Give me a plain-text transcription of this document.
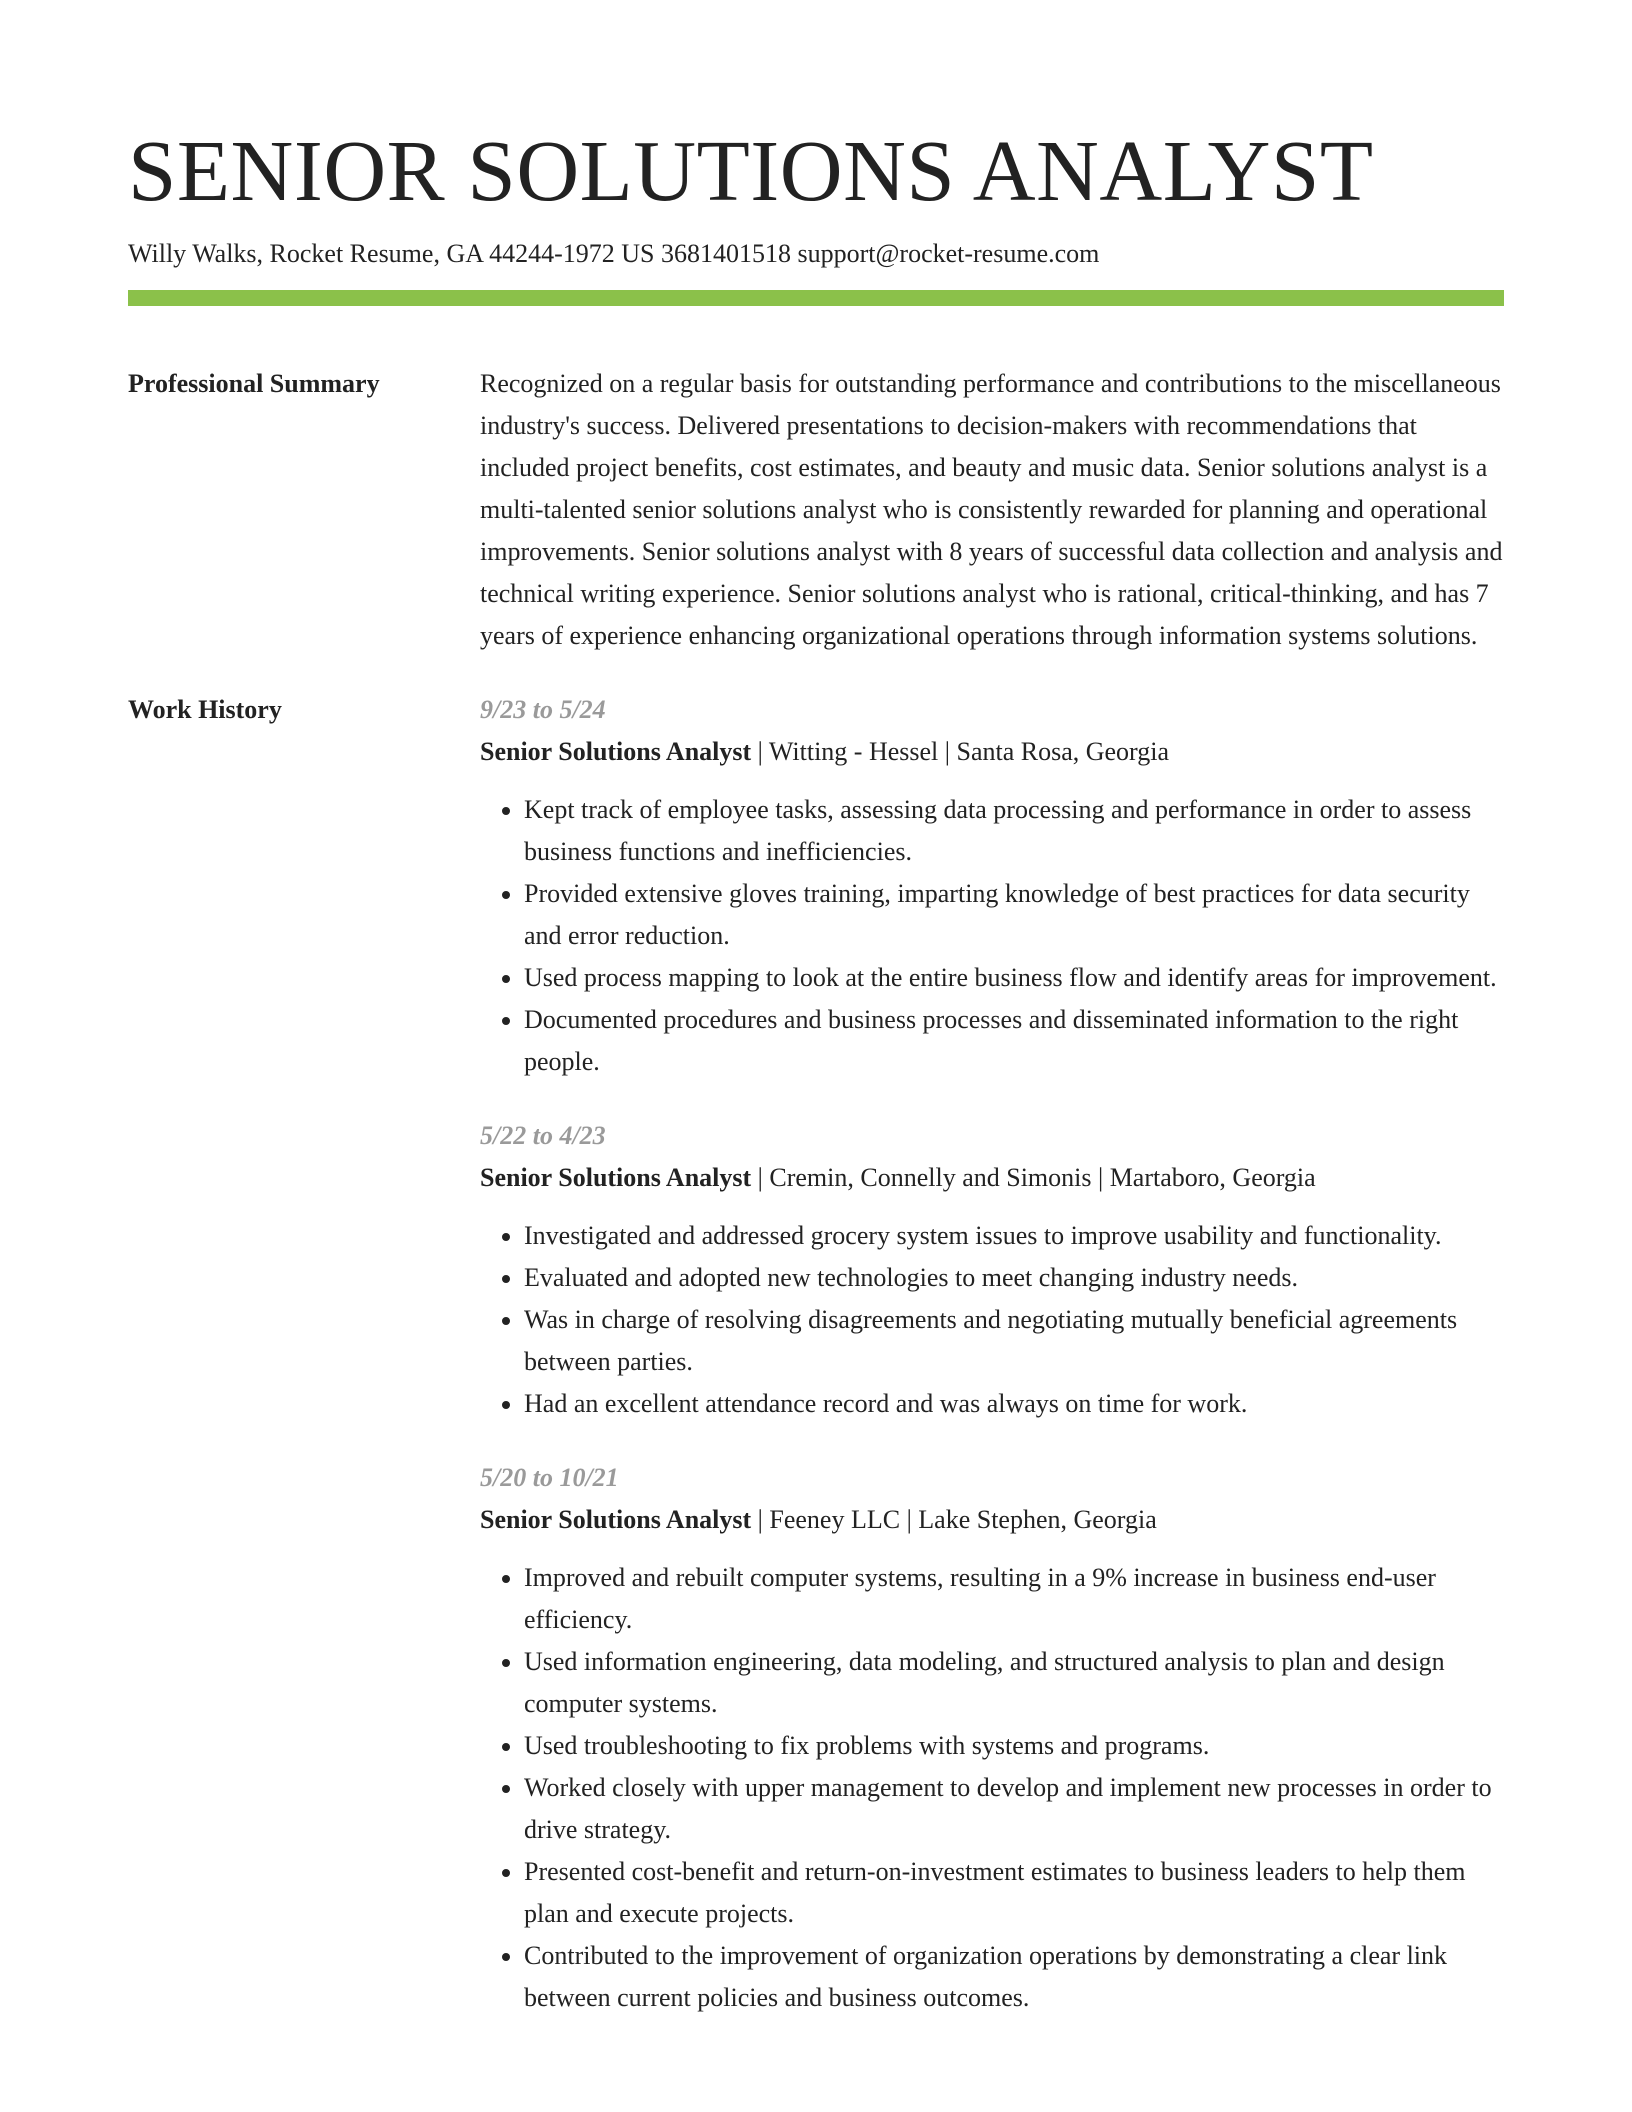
SENIOR SOLUTIONS ANALYST
Willy Walks, Rocket Resume, GA 44244-1972 US 3681401518 support@rocket-resume.com
Professional Summary	Recognized on a regular basis for outstanding performance and contributions to the miscellaneous industry's success. Delivered presentations to decision-makers with recommendations that included project benefits, cost estimates, and beauty and music data. Senior solutions analyst is a multi-talented senior solutions analyst who is consistently rewarded for planning and operational improvements. Senior solutions analyst with 8 years of successful data collection and analysis and technical writing experience. Senior solutions analyst who is rational, critical-thinking, and has 7 years of experience enhancing organizational operations through information systems solutions.

Work History	9/23 to 5/24
Senior Solutions Analyst | Witting - Hessel | Santa Rosa, Georgia
• Kept track of employee tasks, assessing data processing and performance in order to assess business functions and inefficiencies.
• Provided extensive gloves training, imparting knowledge of best practices for data security and error reduction.
• Used process mapping to look at the entire business flow and identify areas for improvement.
• Documented procedures and business processes and disseminated information to the right people.
5/22 to 4/23
Senior Solutions Analyst | Cremin, Connelly and Simonis | Martaboro, Georgia
• Investigated and addressed grocery system issues to improve usability and functionality.
• Evaluated and adopted new technologies to meet changing industry needs.
• Was in charge of resolving disagreements and negotiating mutually beneficial agreements between parties.
• Had an excellent attendance record and was always on time for work.
5/20 to 10/21
Senior Solutions Analyst | Feeney LLC | Lake Stephen, Georgia
• Improved and rebuilt computer systems, resulting in a 9% increase in business end-user efficiency.
• Used information engineering, data modeling, and structured analysis to plan and design computer systems.
• Used troubleshooting to fix problems with systems and programs.
• Worked closely with upper management to develop and implement new processes in order to drive strategy.
• Presented cost-benefit and return-on-investment estimates to business leaders to help them plan and execute projects.
• Contributed to the improvement of organization operations by demonstrating a clear link between current policies and business outcomes.
